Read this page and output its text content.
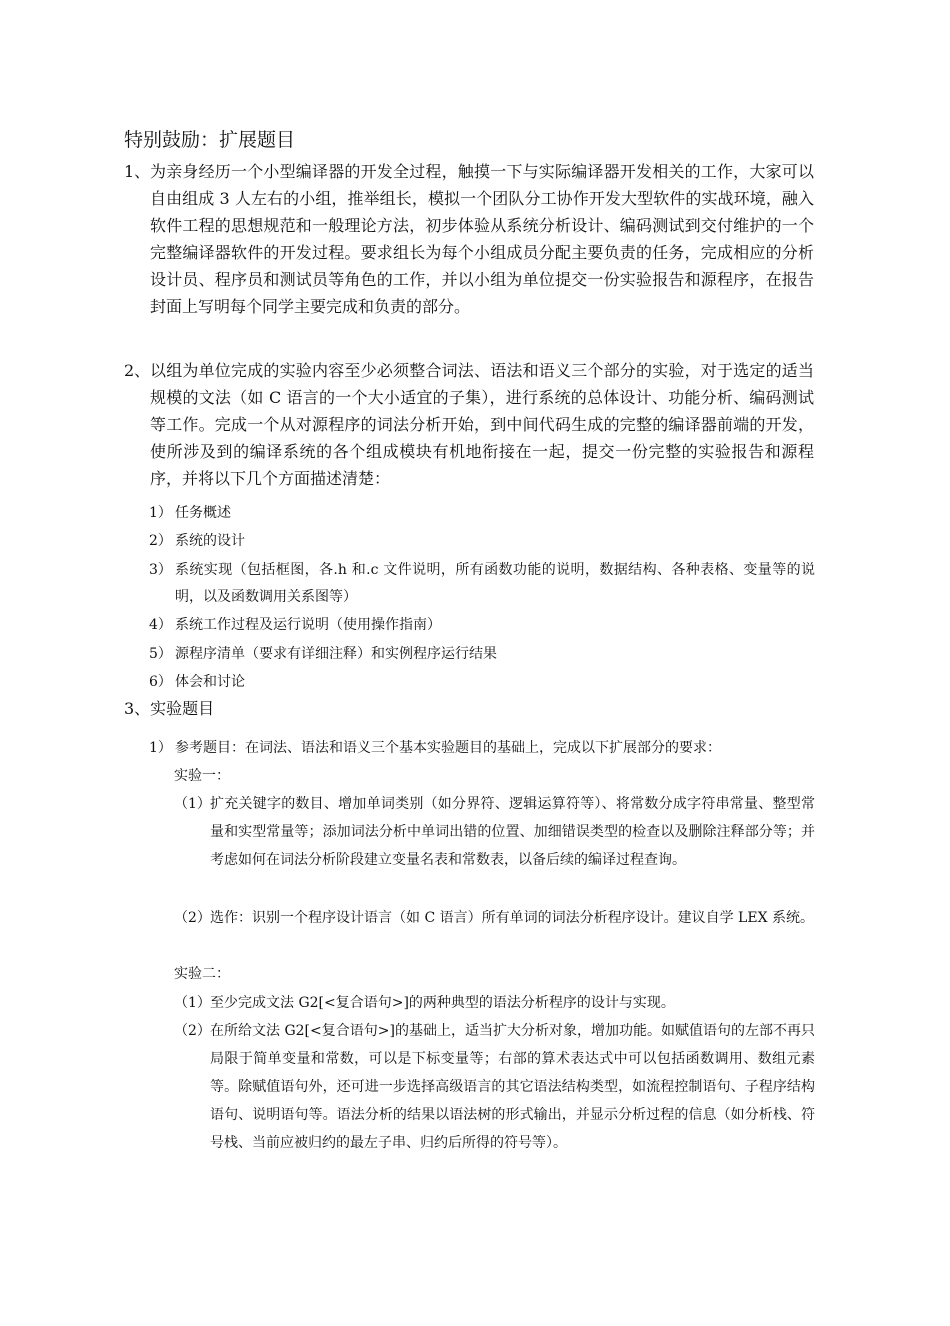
特别鼓励：扩展题目
1、 为亲身经历一个小型编译器的开发全过程，触摸一下与实际编译器开发相关的工作，大家可以自由组成 3 人左右的小组，推举组长，模拟一个团队分工协作开发大型软件的实战环境，融入软件工程的思想规范和一般理论方法，初步体验从系统分析设计、编码测试到交付维护的一个完整编译器软件的开发过程。要求组长为每个小组成员分配主要负责的任务，完成相应的分析设计员、程序员和测试员等角色的工作，并以小组为单位提交一份实验报告和源程序，在报告封面上写明每个同学主要完成和负责的部分。
2、 以组为单位完成的实验内容至少必须整合词法、语法和语义三个部分的实验，对于选定的适当规模的文法（如 C 语言的一个大小适宜的子集），进行系统的总体设计、功能分析、编码测试等工作。完成一个从对源程序的词法分析开始，到中间代码生成的完整的编译器前端的开发，使所涉及到的编译系统的各个组成模块有机地衔接在一起，提交一份完整的实验报告和源程序，并将以下几个方面描述清楚：
1） 任务概述
2） 系统的设计
3） 系统实现（包括框图，各.h 和.c 文件说明，所有函数功能的说明，数据结构、各种表格、变量等的说明，以及函数调用关系图等）
4） 系统工作过程及运行说明（使用操作指南）
5） 源程序清单（要求有详细注释）和实例程序运行结果
6） 体会和讨论
3、实验题目
1） 参考题目：在词法、语法和语义三个基本实验题目的基础上，完成以下扩展部分的要求：
实验一：
（1） 扩充关键字的数目、增加单词类别（如分界符、逻辑运算符等）、将常数分成字符串常量、整型常量和实型常量等；添加词法分析中单词出错的位置、加细错误类型的检查以及删除注释部分等；并考虑如何在词法分析阶段建立变量名表和常数表，以备后续的编译过程查询。
（2） 选作：识别一个程序设计语言（如 C 语言）所有单词的词法分析程序设计。建议自学 LEX 系统。
实验二：
（1） 至少完成文法 G2[<复合语句>]的两种典型的语法分析程序的设计与实现。
（2） 在所给文法 G2[<复合语句>]的基础上，适当扩大分析对象，增加功能。如赋值语句的左部不再只局限于简单变量和常数，可以是下标变量等；右部的算术表达式中可以包括函数调用、数组元素等。除赋值语句外，还可进一步选择高级语言的其它语法结构类型，如流程控制语句、子程序结构语句、说明语句等。语法分析的结果以语法树的形式输出，并显示分析过程的信息（如分析栈、符号栈、当前应被归约的最左子串、归约后所得的符号等）。
